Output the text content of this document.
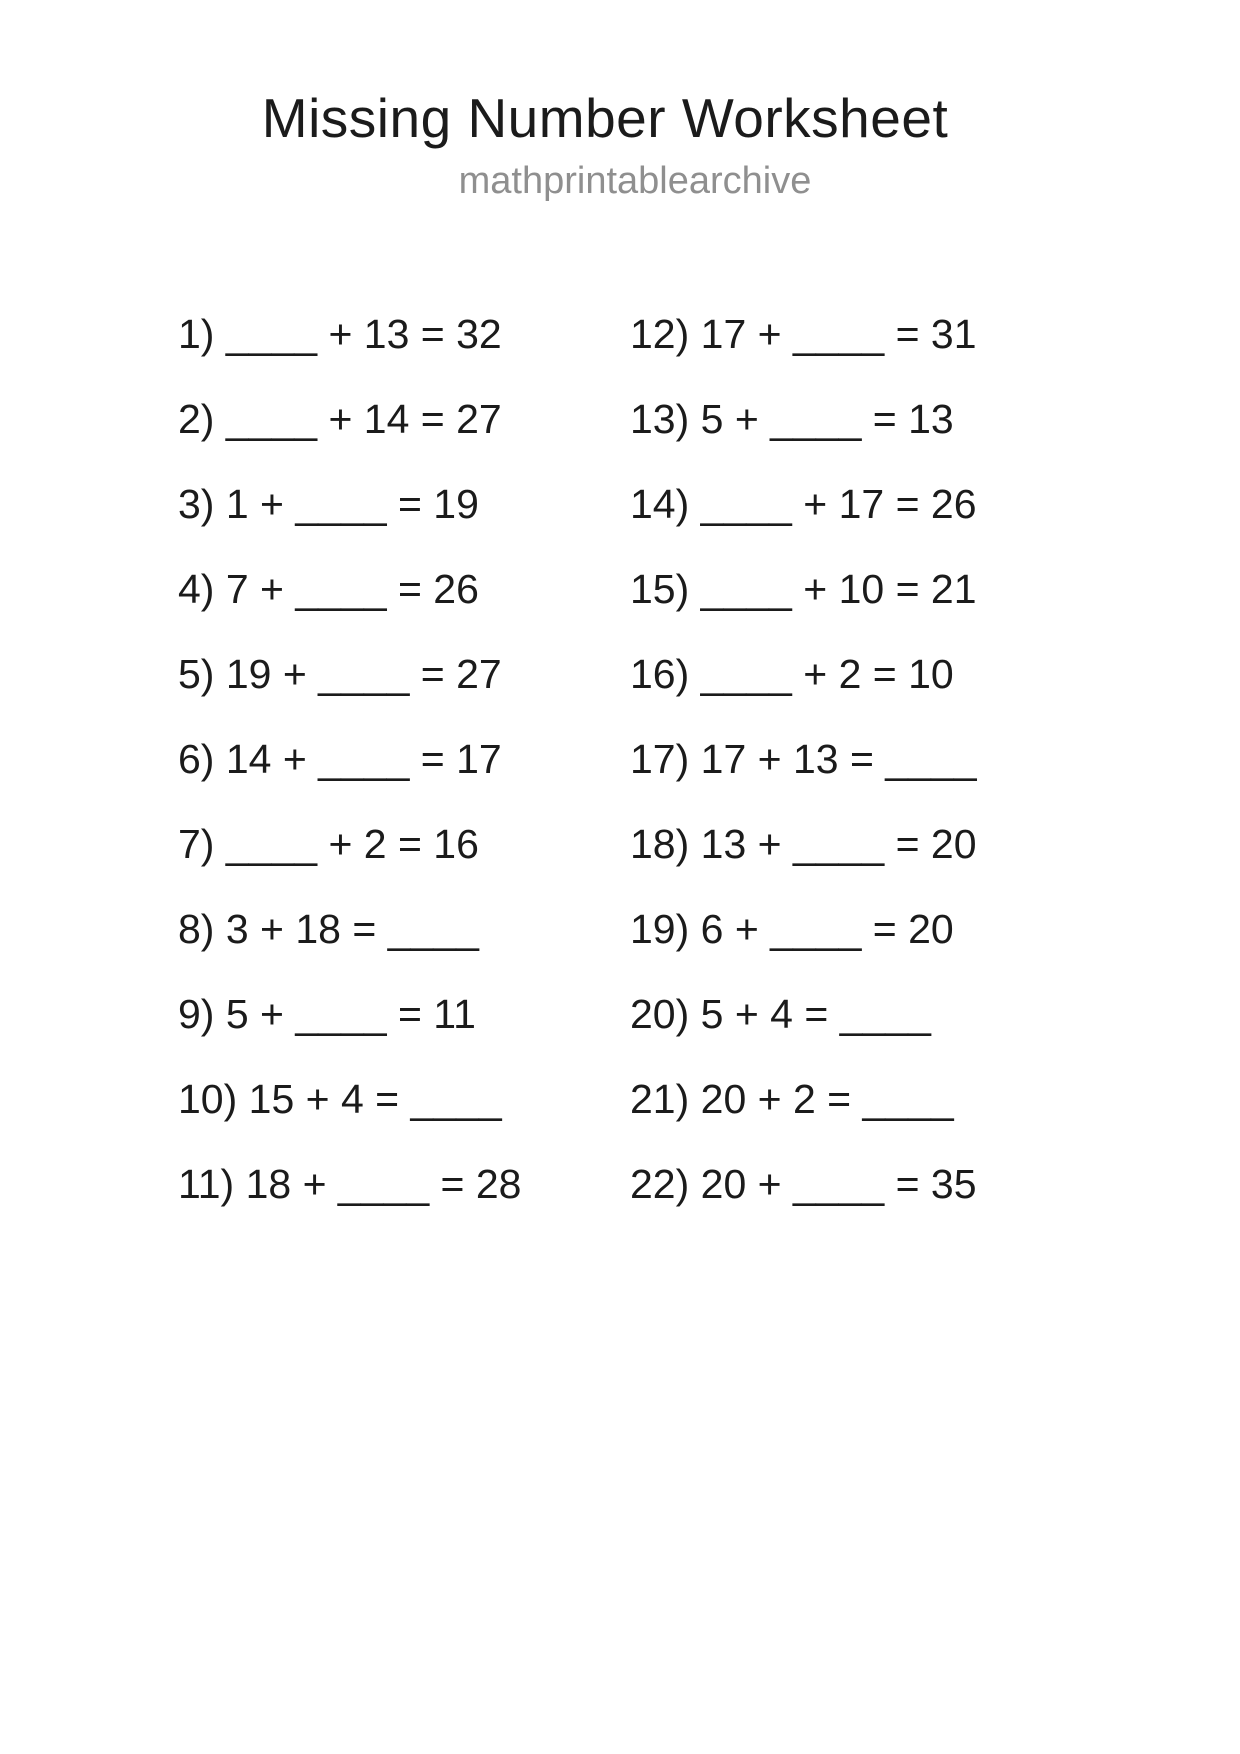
Missing Number Worksheet
mathprintablearchive
1) ____ + 13 = 32
2) ____ + 14 = 27
3) 1 + ____ = 19
4) 7 + ____ = 26
5) 19 + ____ = 27
6) 14 + ____ = 17
7) ____ + 2 = 16
8) 3 + 18 = ____
9) 5 + ____ = 11
10) 15 + 4 = ____
11) 18 + ____ = 28
12) 17 + ____ = 31
13) 5 + ____ = 13
14) ____ + 17 = 26
15) ____ + 10 = 21
16) ____ + 2 = 10
17) 17 + 13 = ____
18) 13 + ____ = 20
19) 6 + ____ = 20
20) 5 + 4 = ____
21) 20 + 2 = ____
22) 20 + ____ = 35
